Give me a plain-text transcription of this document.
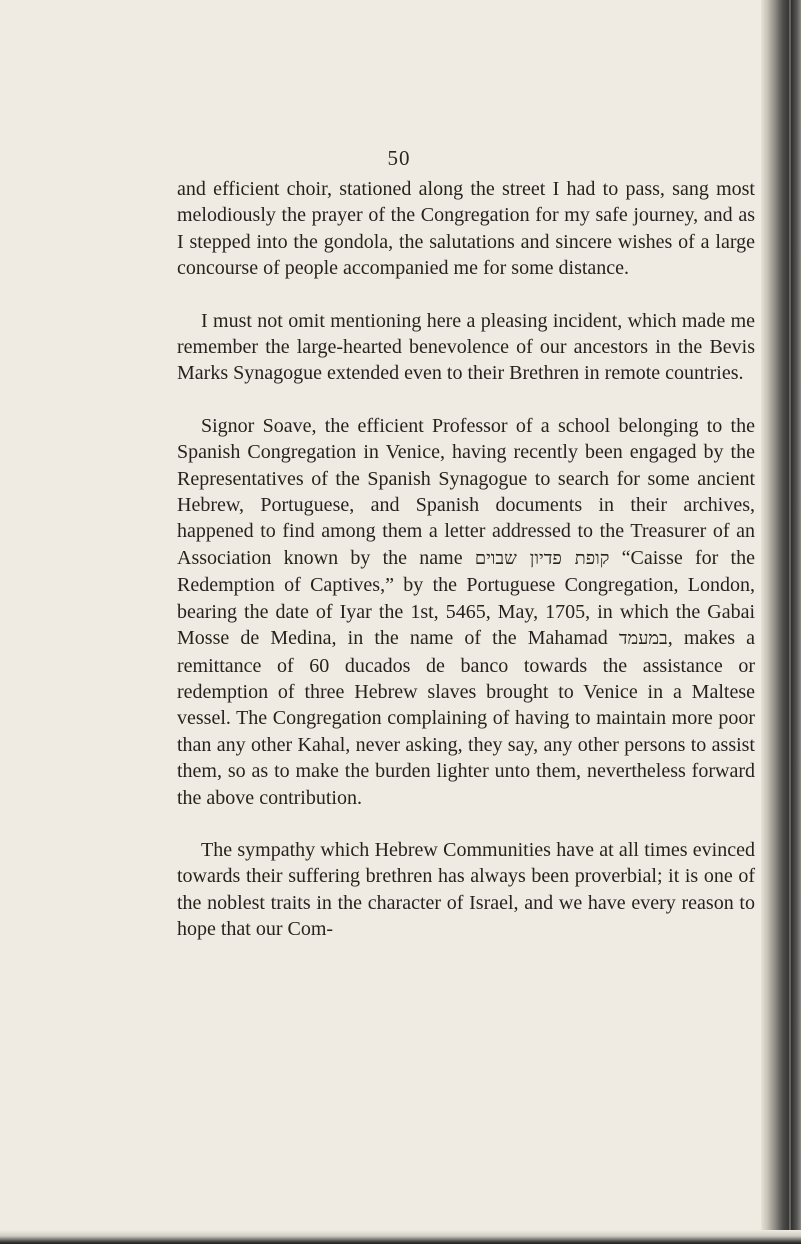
50

and efficient choir, stationed along the street I had to pass, sang most melodiously the prayer of the Congregation for my safe journey, and as I stepped into the gondola, the salutations and sincere wishes of a large concourse of people accompanied me for some distance.

I must not omit mentioning here a pleasing incident, which made me remember the large-hearted benevolence of our ancestors in the Bevis Marks Synagogue extended even to their Brethren in remote countries.

Signor Soave, the efficient Professor of a school belonging to the Spanish Congregation in Venice, having recently been engaged by the Representatives of the Spanish Synagogue to search for some ancient Hebrew, Portuguese, and Spanish documents in their archives, happened to find among them a letter addressed to the Treasurer of an Association known by the name קופת פדיון שבוים “Caisse for the Redemption of Captives,” by the Portuguese Congregation, London, bearing the date of Iyar the 1st, 5465, May, 1705, in which the Gabai Mosse de Medina, in the name of the Mahamad במעמד, makes a remittance of 60 ducados de banco towards the assistance or redemption of three Hebrew slaves brought to Venice in a Maltese vessel. The Congregation complaining of having to maintain more poor than any other Kahal, never asking, they say, any other persons to assist them, so as to make the burden lighter unto them, nevertheless forward the above contribution.

The sympathy which Hebrew Communities have at all times evinced towards their suffering brethren has always been proverbial; it is one of the noblest traits in the character of Israel, and we have every reason to hope that our Com-
